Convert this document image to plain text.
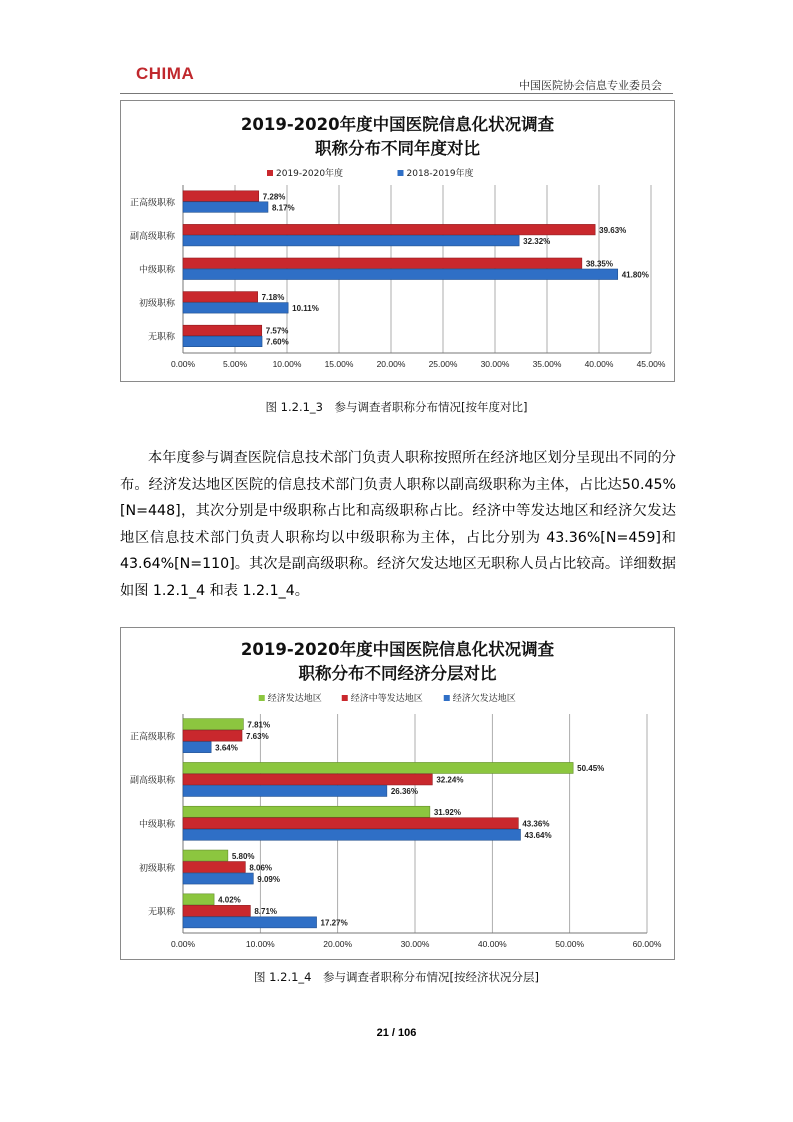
CHIMA
中国医院协会信息专业委员会
2019-2020年度中国医院信息化状况调查
职称分布不同年度对比
2019-2020年度	2018-2019年度
0.00%	5.00%	10.00%	15.00%	20.00%	25.00%	30.00%	35.00%	40.00%	45.00%
正高级职称
7.28%
8.17%
副高级职称
39.63%
32.32%
中级职称
38.35%
41.80%
初级职称
7.18%
10.11%
无职称
7.57%
7.60%
图 1.2.1_3　参与调查者职称分布情况[按年度对比]
本年度参与调查医院信息技术部门负责人职称按照所在经济地区划分呈现出不同的分布。经济发达地区医院的信息技术部门负责人职称以副高级职称为主体，占比达50.45%[N=448]，其次分别是中级职称占比和高级职称占比。经济中等发达地区和经济欠发达地区信息技术部门负责人职称均以中级职称为主体，占比分别为 43.36%[N=459]和43.64%[N=110]。其次是副高级职称。经济欠发达地区无职称人员占比较高。详细数据如图 1.2.1_4 和表 1.2.1_4。
2019-2020年度中国医院信息化状况调查
职称分布不同经济分层对比
经济发达地区	经济中等发达地区	经济欠发达地区
0.00%	10.00%	20.00%	30.00%	40.00%	50.00%	60.00%
正高级职称
7.81%
7.63%
3.64%
副高级职称
50.45%
32.24%
26.36%
中级职称
31.92%
43.36%
43.64%
初级职称
5.80%
8.06%
9.09%
无职称
4.02%
8.71%
17.27%
图 1.2.1_4　参与调查者职称分布情况[按经济状况分层]
21 / 106
